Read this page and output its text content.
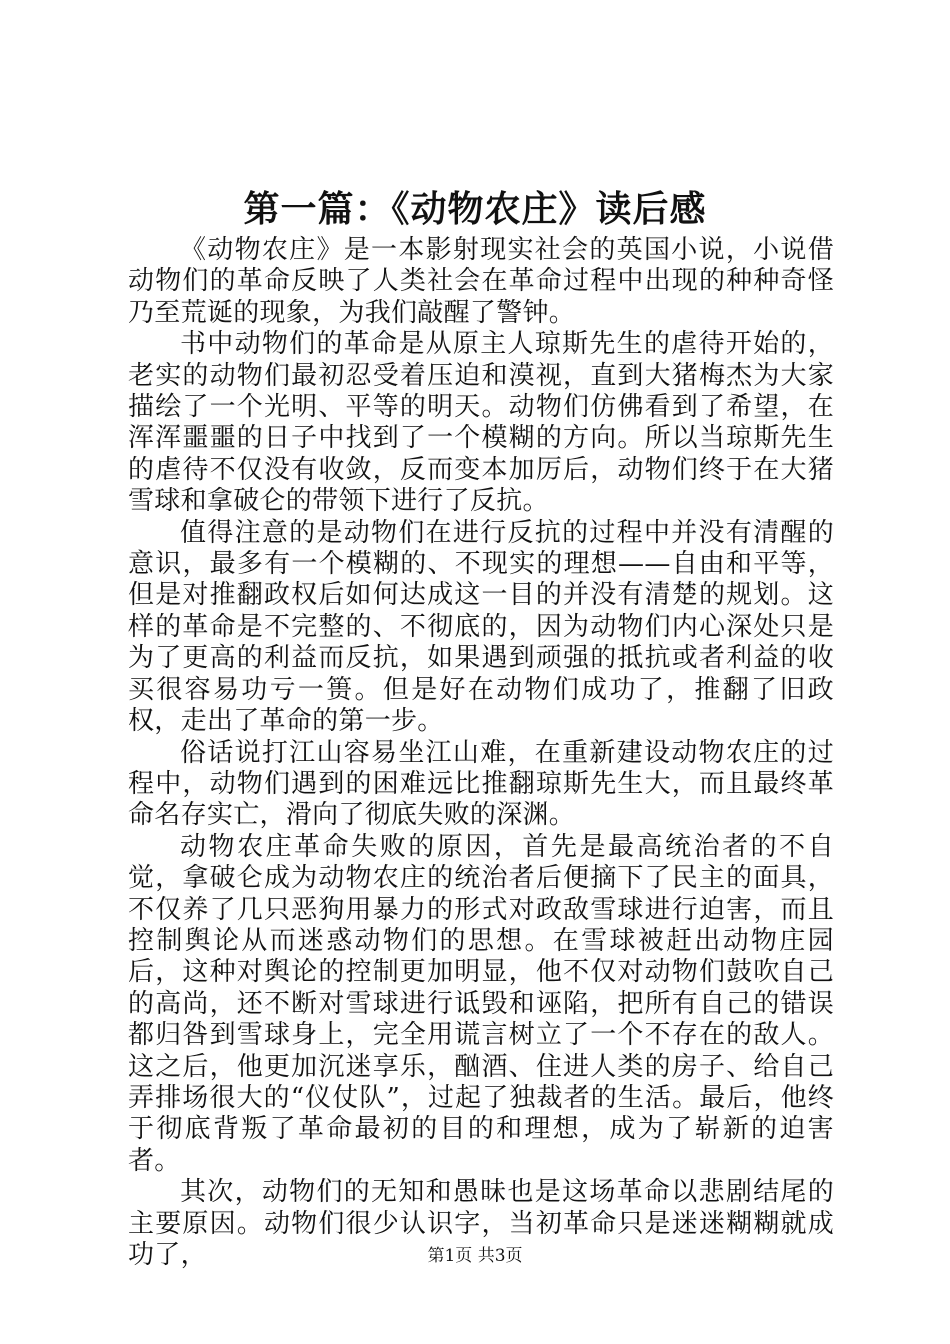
第一篇：《动物农庄》读后感

《动物农庄》是一本影射现实社会的英国小说，小说借动物们的革命反映了人类社会在革命过程中出现的种种奇怪乃至荒诞的现象，为我们敲醒了警钟。

书中动物们的革命是从原主人琼斯先生的虐待开始的，老实的动物们最初忍受着压迫和漠视，直到大猪梅杰为大家描绘了一个光明、平等的明天。动物们仿佛看到了希望，在浑浑噩噩的日子中找到了一个模糊的方向。所以当琼斯先生的虐待不仅没有收敛，反而变本加厉后，动物们终于在大猪雪球和拿破仑的带领下进行了反抗。

值得注意的是动物们在进行反抗的过程中并没有清醒的意识，最多有一个模糊的、不现实的理想——自由和平等，但是对推翻政权后如何达成这一目的并没有清楚的规划。这样的革命是不完整的、不彻底的，因为动物们内心深处只是为了更高的利益而反抗，如果遇到顽强的抵抗或者利益的收买很容易功亏一篑。但是好在动物们成功了，推翻了旧政权，走出了革命的第一步。

俗话说打江山容易坐江山难，在重新建设动物农庄的过程中，动物们遇到的困难远比推翻琼斯先生大，而且最终革命名存实亡，滑向了彻底失败的深渊。

动物农庄革命失败的原因，首先是最高统治者的不自觉，拿破仑成为动物农庄的统治者后便摘下了民主的面具，不仅养了几只恶狗用暴力的形式对政敌雪球进行迫害，而且控制舆论从而迷惑动物们的思想。在雪球被赶出动物庄园后，这种对舆论的控制更加明显，他不仅对动物们鼓吹自己的高尚，还不断对雪球进行诋毁和诬陷，把所有自己的错误都归咎到雪球身上，完全用谎言树立了一个不存在的敌人。这之后，他更加沉迷享乐，酗酒、住进人类的房子、给自己弄排场很大的“仪仗队”，过起了独裁者的生活。最后，他终于彻底背叛了革命最初的目的和理想，成为了崭新的迫害者。

其次，动物们的无知和愚昧也是这场革命以悲剧结尾的主要原因。动物们很少认识字，当初革命只是迷迷糊糊就成功了，	第1页 共3页
